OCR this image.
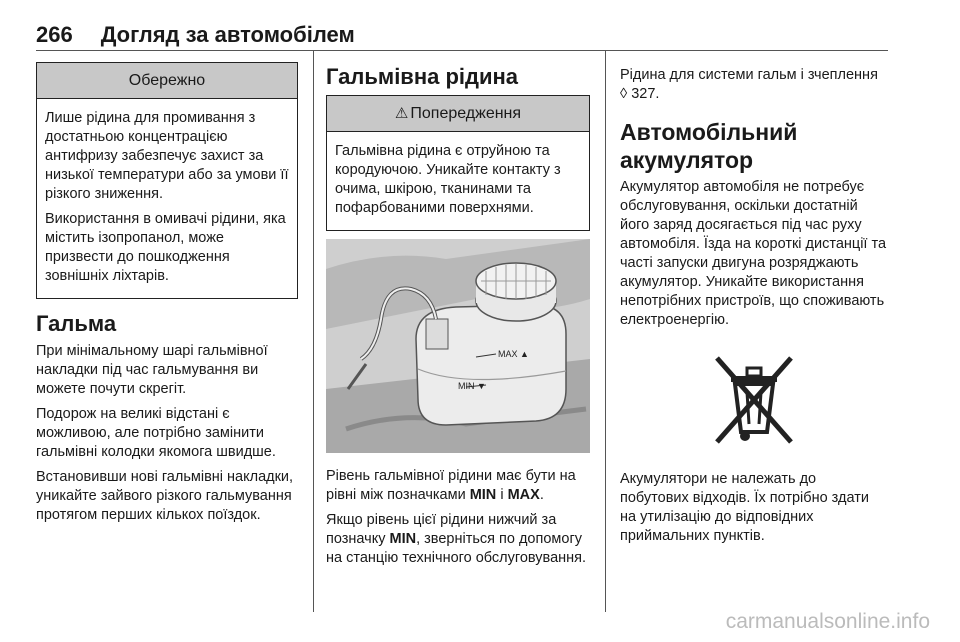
266 Догляд за автомобілем
Обережно

Лише рідина для промивання з достатньою концентрацією антифризу забезпечує захист за низької температури або за умови її різкого зниження.

Використання в омивачі рідини, яка містить ізопропанол, може призвести до пошкодження зовнішніх ліхтарів.

Гальма

При мінімальному шарі гальмівної накладки під час гальмування ви можете почути скрегіт.

Подорож на великі відстані є можливою, але потрібно замінити гальмівні колодки якомога швидше.

Встановивши нові гальмівні накладки, уникайте зайвого різкого гальмування протягом перших кількох поїздок.

Гальмівна рідина
⚠ Попередження

Гальмівна рідина є отруйною та кородуючою. Уникайте контакту з очима, шкірою, тканинами та пофарбованими поверхнями.

MAX ▲
MIN ▼

Рівень гальмівної рідини має бути на рівні між позначками MIN і MAX.

Якщо рівень цієї рідини нижчий за позначку MIN, зверніться по допомогу на станцію технічного обслуговування.

Рідина для системи гальм і зчеплення ◊ 327.

Автомобільний акумулятор

Акумулятор автомобіля не потребує обслуговування, оскільки достатній його заряд досягається під час руху автомобіля. Їзда на короткі дистанції та часті запуски двигуна розряджають акумулятор. Уникайте використання непотрібних пристроїв, що споживають електроенергію.

Акумулятори не належать до побутових відходів. Їх потрібно здати на утилізацію до відповідних приймальних пунктів.

carmanualsonline.info
